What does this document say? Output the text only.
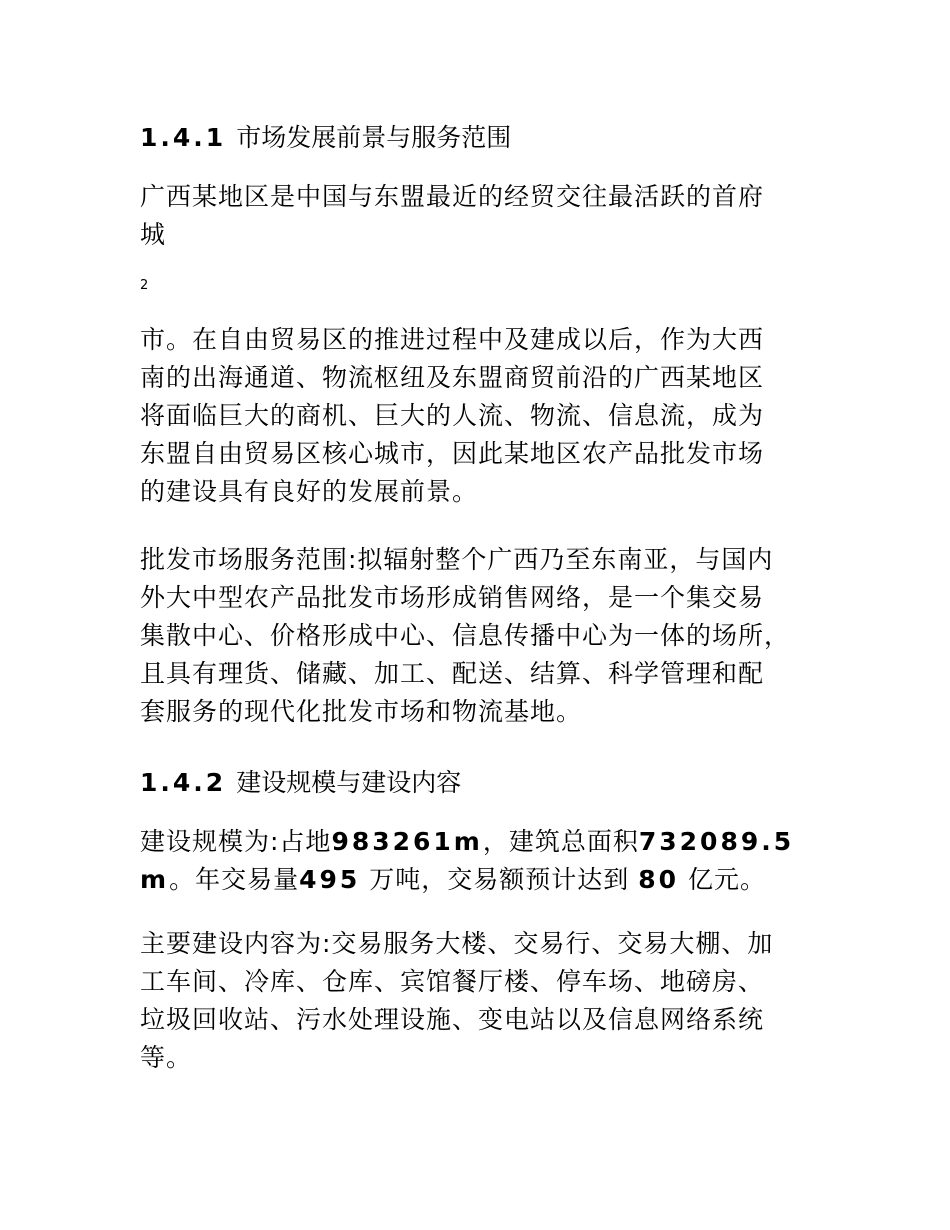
1.4.1 市场发展前景与服务范围
广西某地区是中国与东盟最近的经贸交往最活跃的首府
城
2
市。在自由贸易区的推进过程中及建成以后，作为大西
南的出海通道、物流枢纽及东盟商贸前沿的广西某地区
将面临巨大的商机、巨大的人流、物流、信息流，成为
东盟自由贸易区核心城市，因此某地区农产品批发市场
的建设具有良好的发展前景。
批发市场服务范围:拟辐射整个广西乃至东南亚，与国内
外大中型农产品批发市场形成销售网络，是一个集交易
集散中心、价格形成中心、信息传播中心为一体的场所，
且具有理货、储藏、加工、配送、结算、科学管理和配
套服务的现代化批发市场和物流基地。
1.4.2 建设规模与建设内容
建设规模为:占地983261m，建筑总面积732089.5
m。年交易量495 万吨，交易额预计达到 80 亿元。
主要建设内容为:交易服务大楼、交易行、交易大棚、加
工车间、冷库、仓库、宾馆餐厅楼、停车场、地磅房、
垃圾回收站、污水处理设施、变电站以及信息网络系统
等。
